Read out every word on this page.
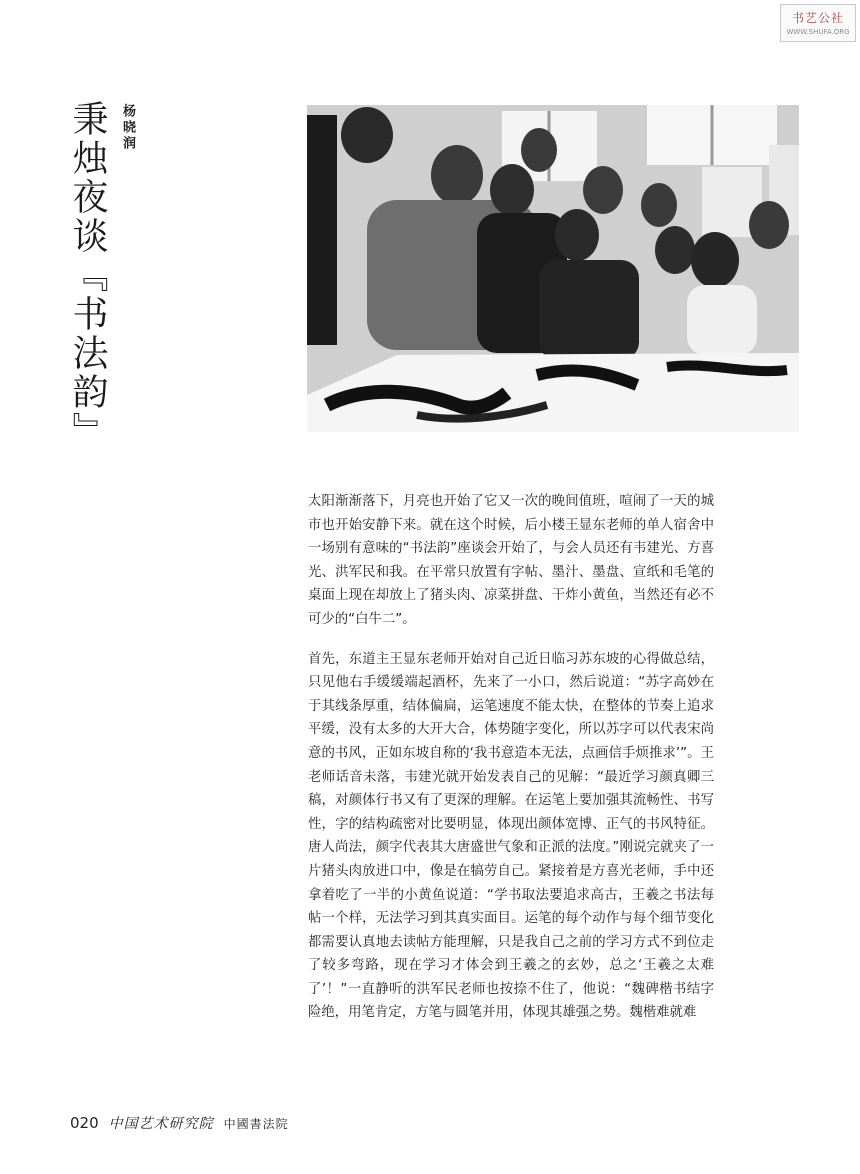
书艺公社
WWW.SHUFA.ORG
秉烛夜谈『书法韵』 杨晓润

太阳渐渐落下，月亮也开始了它又一次的晚间值班，喧闹了一天的城市也开始安静下来。就在这个时候，后小楼王显东老师的单人宿舍中一场别有意味的“书法韵”座谈会开始了，与会人员还有韦建光、方喜光、洪军民和我。在平常只放置有字帖、墨汁、墨盘、宣纸和毛笔的桌面上现在却放上了猪头肉、凉菜拼盘、干炸小黄鱼，当然还有必不可少的“白牛二”。

首先，东道主王显东老师开始对自己近日临习苏东坡的心得做总结，只见他右手缓缓端起酒杯，先来了一小口，然后说道：“苏字高妙在于其线条厚重，结体偏扁，运笔速度不能太快，在整体的节奏上追求平缓，没有太多的大开大合，体势随字变化，所以苏字可以代表宋尚意的书风，正如东坡自称的‘我书意造本无法，点画信手烦推求’”。王老师话音未落，韦建光就开始发表自己的见解：“最近学习颜真卿三稿，对颜体行书又有了更深的理解。在运笔上要加强其流畅性、书写性，字的结构疏密对比要明显，体现出颜体宽博、正气的书风特征。唐人尚法，颜字代表其大唐盛世气象和正派的法度。”刚说完就夹了一片猪头肉放进口中，像是在犒劳自己。紧接着是方喜光老师，手中还拿着吃了一半的小黄鱼说道：“学书取法要追求高古，王羲之书法每帖一个样，无法学习到其真实面目。运笔的每个动作与每个细节变化都需要认真地去读帖方能理解，只是我自己之前的学习方式不到位走了较多弯路，现在学习才体会到王羲之的玄妙，总之‘王羲之太难了’！”一直静听的洪军民老师也按捺不住了，他说：“魏碑楷书结字险绝，用笔肯定，方笔与圆笔并用，体现其雄强之势。魏楷难就难

020 中国艺术研究院 中國書法院
